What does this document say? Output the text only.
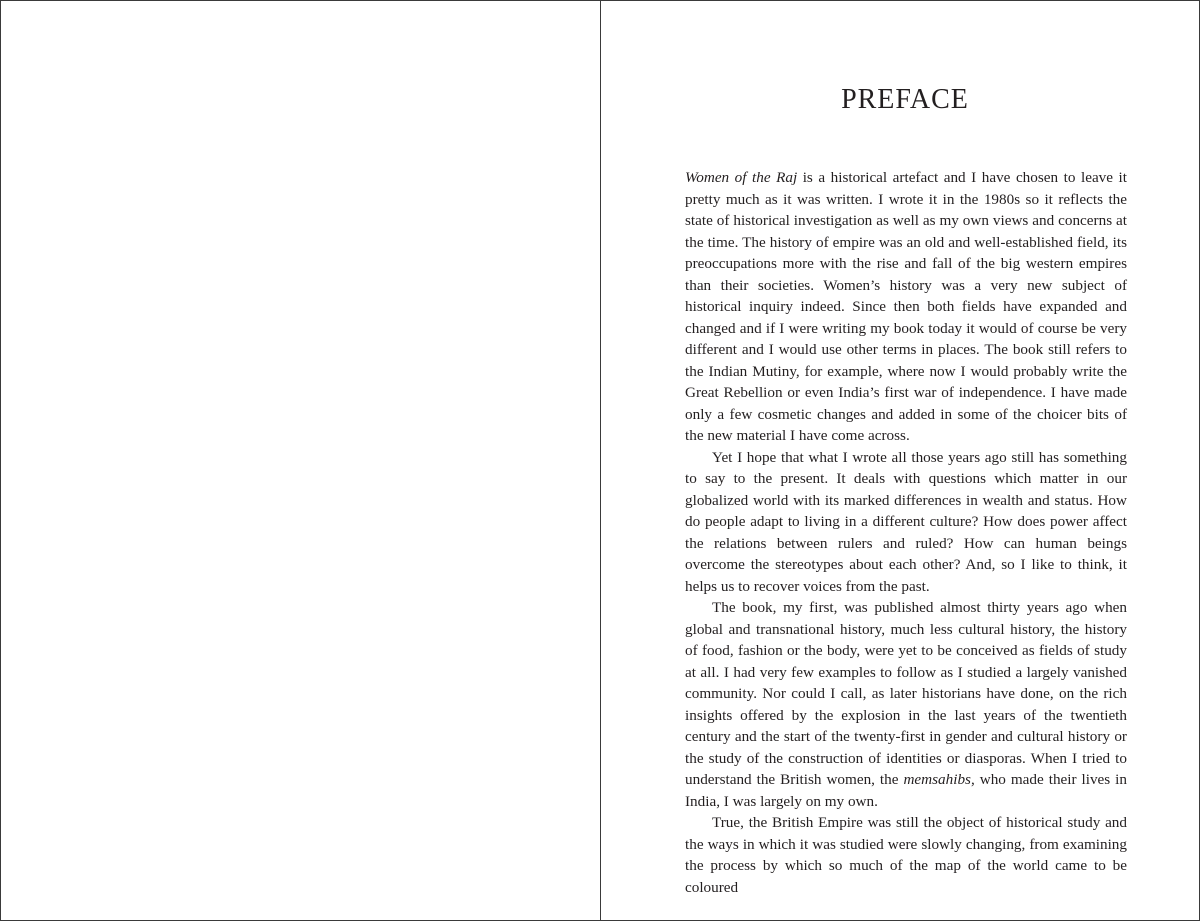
PREFACE

Women of the Raj is a historical artefact and I have chosen to leave it pretty much as it was written. I wrote it in the 1980s so it reflects the state of historical investigation as well as my own views and concerns at the time. The history of empire was an old and well-established field, its preoccupations more with the rise and fall of the big western empires than their societies. Women’s history was a very new subject of historical inquiry indeed. Since then both fields have expanded and changed and if I were writing my book today it would of course be very different and I would use other terms in places. The book still refers to the Indian Mutiny, for example, where now I would probably write the Great Rebellion or even India’s first war of independence. I have made only a few cosmetic changes and added in some of the choicer bits of the new material I have come across.

Yet I hope that what I wrote all those years ago still has something to say to the present. It deals with questions which matter in our globalized world with its marked differences in wealth and status. How do people adapt to living in a different culture? How does power affect the relations between rulers and ruled? How can human beings overcome the stereotypes about each other? And, so I like to think, it helps us to recover voices from the past.

The book, my first, was published almost thirty years ago when global and transnational history, much less cultural history, the history of food, fashion or the body, were yet to be conceived as fields of study at all. I had very few examples to follow as I studied a largely vanished community. Nor could I call, as later historians have done, on the rich insights offered by the explosion in the last years of the twentieth century and the start of the twenty-first in gender and cultural history or the study of the construction of identities or diasporas. When I tried to understand the British women, the memsahibs, who made their lives in India, I was largely on my own.

True, the British Empire was still the object of historical study and the ways in which it was studied were slowly changing, from examining the process by which so much of the map of the world came to be coloured
